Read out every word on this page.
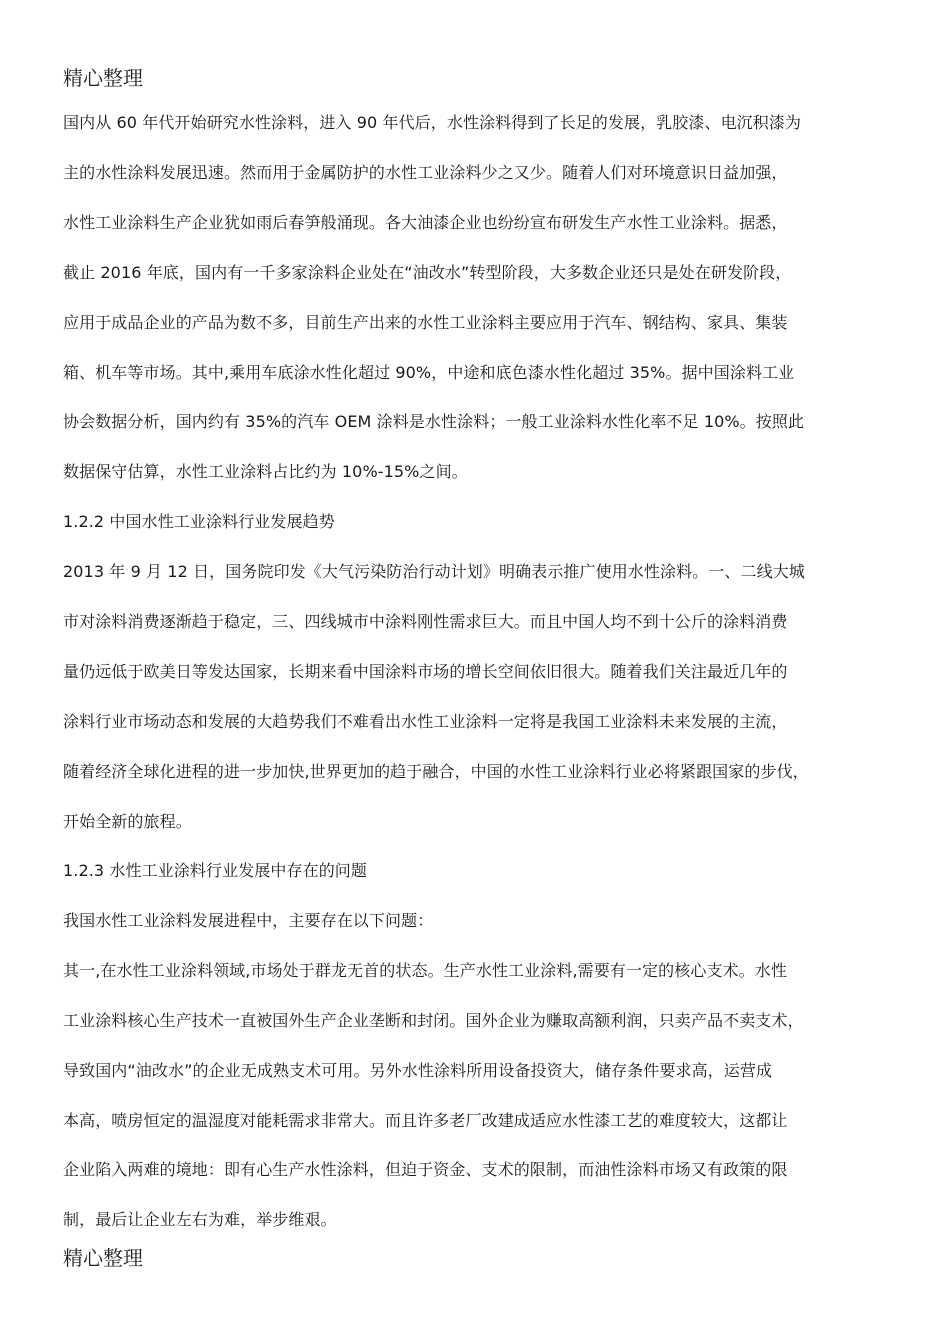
精心整理
国内从 60 年代开始研究水性涂料，进入 90 年代后，水性涂料得到了长足的发展，乳胶漆、电沉积漆为
主的水性涂料发展迅速。然而用于金属防护的水性工业涂料少之又少。随着人们对环境意识日益加强，
水性工业涂料生产企业犹如雨后春笋般涌现。各大油漆企业也纷纷宣布研发生产水性工业涂料。据悉，
截止 2016 年底，国内有一千多家涂料企业处在“油改水”转型阶段，大多数企业还只是处在研发阶段，
应用于成品企业的产品为数不多，目前生产出来的水性工业涂料主要应用于汽车、钢结构、家具、集装
箱、机车等市场。其中,乘用车底涂水性化超过 90%，中途和底色漆水性化超过 35%。据中国涂料工业
协会数据分析，国内约有 35%的汽车 OEM 涂料是水性涂料；一般工业涂料水性化率不足 10%。按照此
数据保守估算，水性工业涂料占比约为 10%-15%之间。
1.2.2 中国水性工业涂料行业发展趋势
2013 年 9 月 12 日，国务院印发《大气污染防治行动计划》明确表示推广使用水性涂料。一、二线大城
市对涂料消费逐渐趋于稳定，三、四线城市中涂料刚性需求巨大。而且中国人均不到十公斤的涂料消费
量仍远低于欧美日等发达国家，长期来看中国涂料市场的增长空间依旧很大。随着我们关注最近几年的
涂料行业市场动态和发展的大趋势我们不难看出水性工业涂料一定将是我国工业涂料未来发展的主流，
随着经济全球化进程的进一步加快,世界更加的趋于融合，中国的水性工业涂料行业必将紧跟国家的步伐，
开始全新的旅程。
1.2.3 水性工业涂料行业发展中存在的问题
我国水性工业涂料发展进程中，主要存在以下问题：
其一,在水性工业涂料领域,市场处于群龙无首的状态。生产水性工业涂料,需要有一定的核心支术。水性
工业涂料核心生产技术一直被国外生产企业垄断和封闭。国外企业为赚取高额利润，只卖产品不卖支术，
导致国内“油改水”的企业无成熟支术可用。另外水性涂料所用设备投资大，储存条件要求高，运营成
本高，喷房恒定的温湿度对能耗需求非常大。而且许多老厂改建成适应水性漆工艺的难度较大，这都让
企业陷入两难的境地：即有心生产水性涂料，但迫于资金、支术的限制，而油性涂料市场又有政策的限
制，最后让企业左右为难，举步维艰。
精心整理
